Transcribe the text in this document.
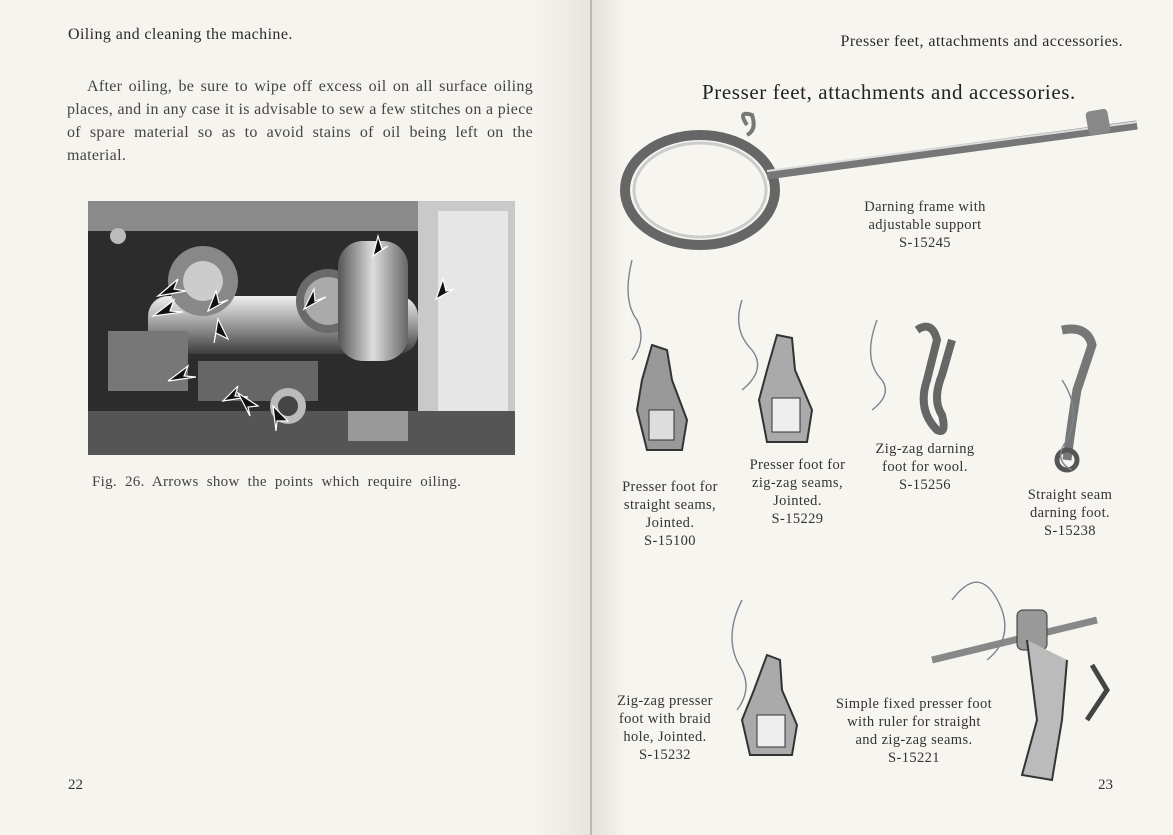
Oiling and cleaning the machine.
After oiling, be sure to wipe off excess oil on all surface oiling places, and in any case it is advisable to sew a few stitches on a piece of spare material so as to avoid stains of oil being left on the material.
Fig. 26. Arrows show the points which require oiling.
22
Presser feet, attachments and accessories.
Presser feet, attachments and accessories.
Darning frame with
adjustable support
S-15245
Presser foot for
straight seams,
Jointed.
S-15100
Presser foot for
zig-zag seams,
Jointed.
S-15229
Zig-zag darning
foot for wool.
S-15256
Straight seam
darning foot.
S-15238
Zig-zag presser
foot with braid
hole, Jointed.
S-15232
Simple fixed presser foot
with ruler for straight
and zig-zag seams.
S-15221
23
